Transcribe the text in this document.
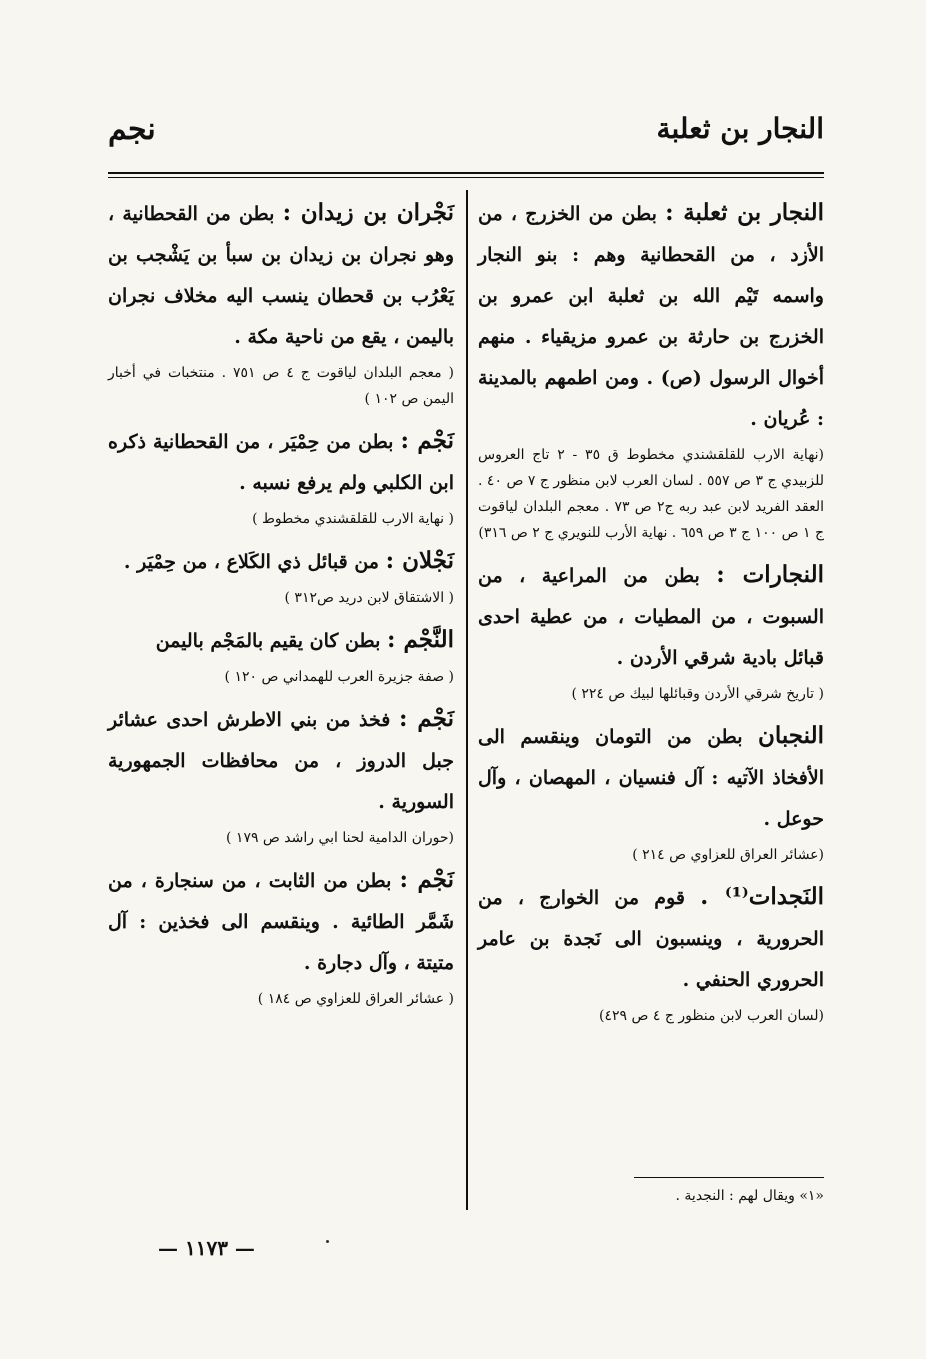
النجار بن ثعلبة
نجم
النجار بن ثعلبة : بطن من الخزرج ، من الأزد ، من القحطانية وهم : بنو النجار واسمه تَيْم الله بن ثعلبة ابن عمرو بن الخزرج بن حارثة بن عمرو مزيقياء . منهم أخوال الرسول (ص) . ومن اطمهم بالمدينة : عُريان .
(نهاية الارب للقلقشندي مخطوط ق ٣٥ - ٢ تاج العروس للزبيدي ج ٣ ص ٥٥٧ . لسان العرب لابن منظور ج ٧ ص ٤٠ . العقد الفريد لابن عبد ربه ج٢ ص ٧٣ . معجم البلدان لياقوت ج ١ ص ١٠٠ ج ٣ ص ٦٥٩ . نهاية الأرب للنويري ج ٢ ص ٣١٦)
النجارات : بطن من المراعية ، من السبوت ، من المطيات ، من عطية احدى قبائل بادية شرقي الأردن .
( تاريخ شرقي الأردن وقبائلها لبيك ص ٢٢٤ )
النجبان بطن من التومان وينقسم الى الأفخاذ الآتيه : آل فنسيان ، المهصان ، وآل حوعل .
(عشائر العراق للعزاوي ص ٢١٤ )
النَجدات⁽¹⁾ . قوم من الخوارج ، من الحرورية ، وينسبون الى نَجدة بن عامر الحروري الحنفي .
(لسان العرب لابن منظور ج ٤ ص ٤٢٩)
نَجْران بن زيدان : بطن من القحطانية ، وهو نجران بن زيدان بن سبأ بن يَشْجب بن يَعْرُب بن قحطان ينسب اليه مخلاف نجران باليمن ، يقع من ناحية مكة .
( معجم البلدان لياقوت ج ٤ ص ٧٥١ . منتخبات في أخبار اليمن ص ١٠٢ )
نَجْم : بطن من حِمْيَر ، من القحطانية ذكره ابن الكلبي ولم يرفع نسبه .
( نهاية الارب للقلقشندي مخطوط )
نَجْلان : من قبائل ذي الكَلاع ، من حِمْيَر .
( الاشتقاق لابن دريد ص٣١٢ )
النَّجْم : بطن كان يقيم بالمَجْم باليمن
( صفة جزيرة العرب للهمداني ص ١٢٠ )
نَجْم : فخذ من بني الاطرش احدى عشائر جبل الدروز ، من محافظات الجمهورية السورية .
(حوران الدامية لحنا ابي راشد ص ١٧٩ )
نَجْم : بطن من الثابت ، من سنجارة ، من شَمَّر الطائية . وينقسم الى فخذين : آل متيتة ، وآل دجارة .
( عشائر العراق للعزاوي ص ١٨٤ )
«١» ويقال لهم : النجدية .
— ١١٧٣ —
